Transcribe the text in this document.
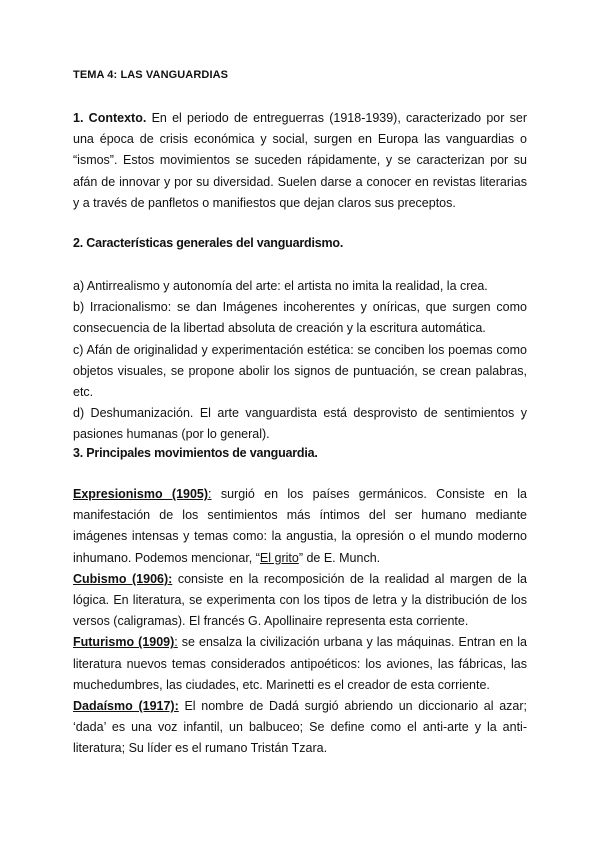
TEMA 4: LAS VANGUARDIAS
1. Contexto. En el periodo de entreguerras (1918-1939), caracterizado por ser una época de crisis económica y social, surgen en Europa las vanguardias o “ismos”. Estos movimientos se suceden rápidamente, y se caracterizan por su afán de innovar y por su diversidad. Suelen darse a conocer en revistas literarias y a través de panfletos o manifiestos que dejan claros sus preceptos.
2. Características generales del vanguardismo.
a) Antirrealismo y autonomía del arte: el artista no imita la realidad, la crea.
b) Irracionalismo: se dan Imágenes incoherentes y oníricas, que surgen como consecuencia de la libertad absoluta de creación y la escritura automática.
c) Afán de originalidad y experimentación estética: se conciben los poemas como objetos visuales, se propone abolir los signos de puntuación, se crean palabras, etc.
d) Deshumanización. El arte vanguardista está desprovisto de sentimientos y pasiones humanas (por lo general).
3. Principales movimientos de vanguardia.
Expresionismo (1905): surgió en los países germánicos. Consiste en la manifestación de los sentimientos más íntimos del ser humano mediante imágenes intensas y temas como: la angustia, la opresión o el mundo moderno inhumano. Podemos mencionar, “El grito” de E. Munch.
Cubismo (1906): consiste en la recomposición de la realidad al margen de la lógica. En literatura, se experimenta con los tipos de letra y la distribución de los versos (caligramas). El francés G. Apollinaire representa esta corriente.
Futurismo (1909): se ensalza la civilización urbana y las máquinas. Entran en la literatura nuevos temas considerados antipoéticos: los aviones, las fábricas, las muchedumbres, las ciudades, etc. Marinetti es el creador de esta corriente.
Dadaísmo (1917): El nombre de Dadá surgió abriendo un diccionario al azar; ‘dada’ es una voz infantil, un balbuceo; Se define como el anti-arte y la anti-literatura; Su líder es el rumano Tristán Tzara.
